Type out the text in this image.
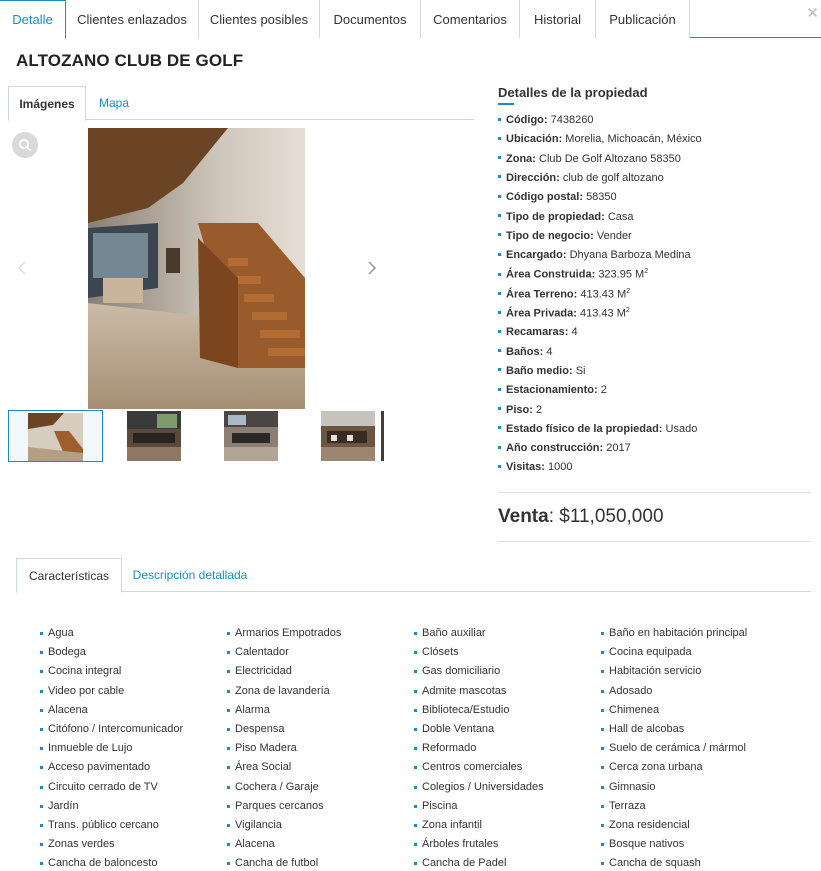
Detalle	Clientes enlazados	Clientes posibles	Documentos	Comentarios	Historial	Publicación	✕
ALTOZANO CLUB DE GOLF
Imágenes	Mapa
Detalles de la propiedad
Código: 7438260
Ubicación: Morelia, Michoacán, México
Zona: Club De Golf Altozano 58350
Dirección: club de golf altozano
Código postal: 58350
Tipo de propiedad: Casa
Tipo de negocio: Vender
Encargado: Dhyana Barboza Medina
Área Construida: 323.95 $M^2$
Área Terreno: 413.43 $M^2$
Área Privada: 413.43 $M^2$
Recamaras: 4
Baños: 4
Baño medio: Si
Estacionamiento: 2
Piso: 2
Estado físico de la propiedad: Usado
Año construcción: 2017
Visitas: 1000
Venta: $11,050,000
Características	Descripción detallada
Agua
Bodega
Cocina integral
Video por cable
Alacena
Citófono / Intercomunicador
Inmueble de Lujo
Acceso pavimentado
Circuito cerrado de TV
Jardín
Trans. público cercano
Zonas verdes
Cancha de baloncesto
Armarios Empotrados
Calentador
Electricidad
Zona de lavandería
Alarma
Despensa
Piso Madera
Área Social
Cochera / Garaje
Parques cercanos
Vigilancia
Alacena
Cancha de futbol
Baño auxiliar
Clósets
Gas domiciliario
Admite mascotas
Biblioteca/Estudio
Doble Ventana
Reformado
Centros comerciales
Colegios / Universidades
Piscina
Zona infantil
Árboles frutales
Cancha de Padel
Baño en habitación principal
Cocina equipada
Habitación servicio
Adosado
Chimenea
Hall de alcobas
Suelo de cerámica / mármol
Cerca zona urbana
Gimnasio
Terraza
Zona residencial
Bosque nativos
Cancha de squash
